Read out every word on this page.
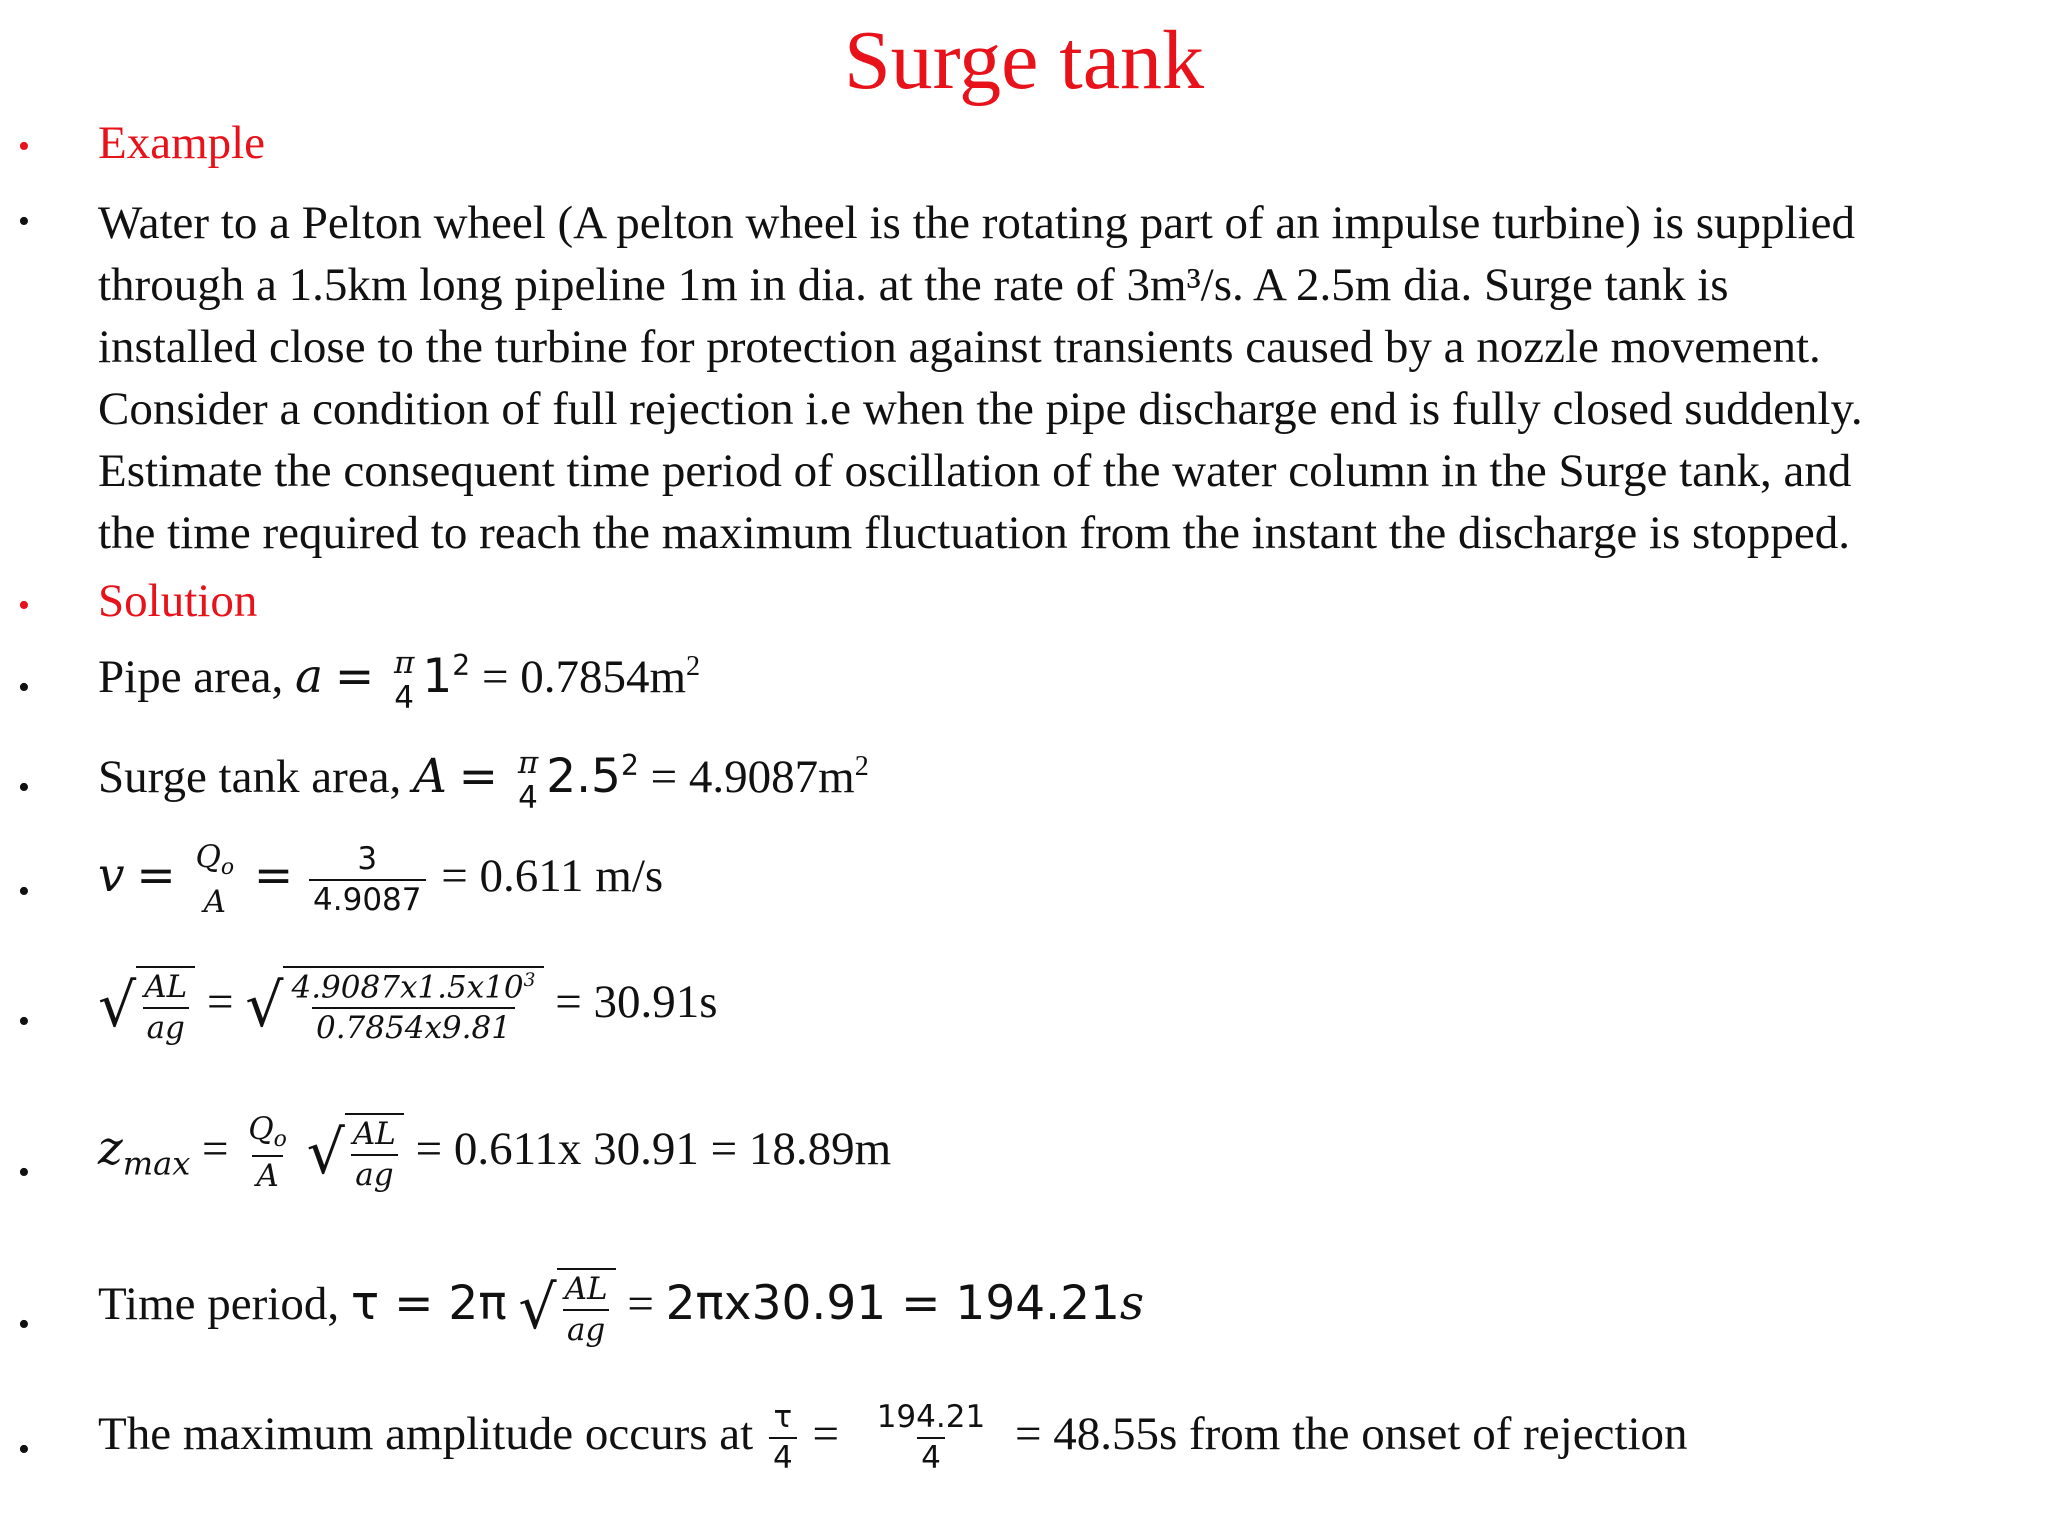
Surge tank
•
•
•
•
•
•
•
•
•
•
Example
Water to a Pelton wheel (A pelton wheel is the rotating part of an impulse turbine) is supplied
through a 1.5km long pipeline 1m in dia. at the rate of 3m³/s. A 2.5m dia. Surge tank is
installed close to the turbine for protection against transients caused by a nozzle movement.
Consider a condition of full rejection i.e when the pipe discharge end is fully closed suddenly.
Estimate the consequent time period of oscillation of the water column in the Surge tank, and
the time required to reach the maximum fluctuation from the instant the discharge is stopped.
Solution
Pipe area, a = π
4 $1^2 = 0.7854m^2$
Surge tank area, A = π
4 $2.5^2 = 4.9087m^2$
$v = Q_o$
$A = \frac{3}{4.9087} = 0.611$ m/s
√ $\frac{AL}{ag}$ = √ $\frac{4.9087x1.5x10^3}{0.7854x9.81} = 30.91s$
$z_{max} = \frac{Q_o}{A}$
√ $\frac{AL}{ag} = 0.611x$ 30.91 = 18.89m
Time period, τ = 2π √ $\frac{AL}{ag} = 2\pi x30.91 = 194.21s$
The maximum amplitude occurs at $\frac{\tau}{4} = \frac{194.21}{4} = 48.55s$ from the onset of rejection
